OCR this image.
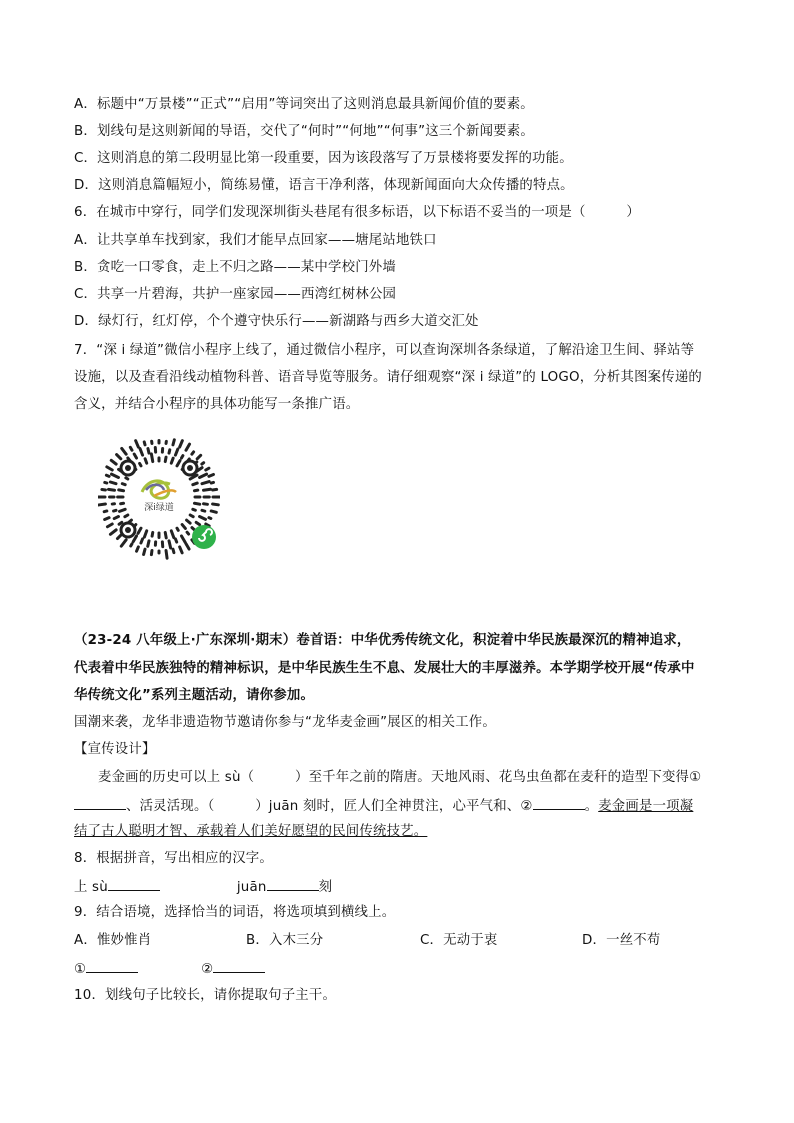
A．标题中“万景楼”“正式”“启用”等词突出了这则消息最具新闻价值的要素。
B．划线句是这则新闻的导语，交代了“何时”“何地”“何事”这三个新闻要素。
C．这则消息的第二段明显比第一段重要，因为该段落写了万景楼将要发挥的功能。
D．这则消息篇幅短小，简练易懂，语言干净利落，体现新闻面向大众传播的特点。
6．在城市中穿行，同学们发现深圳街头巷尾有很多标语，以下标语不妥当的一项是（　　　）
A．让共享单车找到家，我们才能早点回家——塘尾站地铁口
B．贪吃一口零食，走上不归之路——某中学校门外墙
C．共享一片碧海，共护一座家园——西湾红树林公园
D．绿灯行，红灯停，个个遵守快乐行——新湖路与西乡大道交汇处
7．“深 i 绿道”微信小程序上线了，通过微信小程序，可以查询深圳各条绿道，了解沿途卫生间、驿站等
设施，以及查看沿线动植物科普、语音导览等服务。请仔细观察“深 i 绿道”的 LOGO，分析其图案传递的
含义，并结合小程序的具体功能写一条推广语。
深i绿道
（23-24 八年级上·广东深圳·期末）卷首语：中华优秀传统文化，积淀着中华民族最深沉的精神追求，
代表着中华民族独特的精神标识，是中华民族生生不息、发展壮大的丰厚滋养。本学期学校开展“传承中
华传统文化”系列主题活动，请你参加。
国潮来袭，龙华非遗造物节邀请你参与“龙华麦金画”展区的相关工作。
【宣传设计】
麦金画的历史可以上 sù（　　　）至千年之前的隋唐。天地风雨、花鸟虫鱼都在麦秆的造型下变得①
、活灵活现。（　　　）juān 刻时，匠人们全神贯注，心平气和、②	。麦金画是一项凝
结了古人聪明才智、承载着人们美好愿望的民间传统技艺。
8．根据拼音，写出相应的汉字。
上 sù	juān	刻
9．结合语境，选择恰当的词语，将选项填到横线上。
A．惟妙惟肖	B．入木三分	C．无动于衷	D．一丝不苟
①	②
10．划线句子比较长，请你提取句子主干。
